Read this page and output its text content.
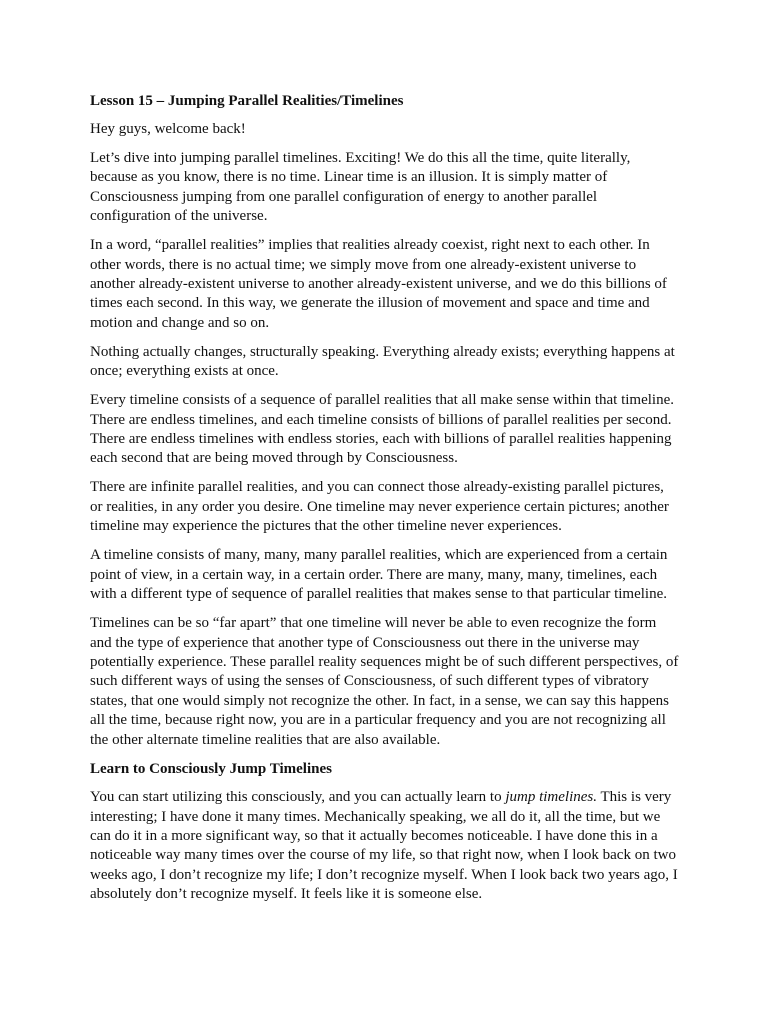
Lesson 15 – Jumping Parallel Realities/Timelines

Hey guys, welcome back!

Let’s dive into jumping parallel timelines. Exciting! We do this all the time, quite literally, because as you know, there is no time. Linear time is an illusion. It is simply matter of Consciousness jumping from one parallel configuration of energy to another parallel configuration of the universe.

In a word, “parallel realities” implies that realities already coexist, right next to each other. In other words, there is no actual time; we simply move from one already-existent universe to another already-existent universe to another already-existent universe, and we do this billions of times each second. In this way, we generate the illusion of movement and space and time and motion and change and so on.

Nothing actually changes, structurally speaking. Everything already exists; everything happens at once; everything exists at once.

Every timeline consists of a sequence of parallel realities that all make sense within that timeline. There are endless timelines, and each timeline consists of billions of parallel realities per second. There are endless timelines with endless stories, each with billions of parallel realities happening each second that are being moved through by Consciousness.

There are infinite parallel realities, and you can connect those already-existing parallel pictures, or realities, in any order you desire. One timeline may never experience certain pictures; another timeline may experience the pictures that the other timeline never experiences.

A timeline consists of many, many, many parallel realities, which are experienced from a certain point of view, in a certain way, in a certain order. There are many, many, many, timelines, each with a different type of sequence of parallel realities that makes sense to that particular timeline.

Timelines can be so “far apart” that one timeline will never be able to even recognize the form and the type of experience that another type of Consciousness out there in the universe may potentially experience. These parallel reality sequences might be of such different perspectives, of such different ways of using the senses of Consciousness, of such different types of vibratory states, that one would simply not recognize the other. In fact, in a sense, we can say this happens all the time, because right now, you are in a particular frequency and you are not recognizing all the other alternate timeline realities that are also available.

Learn to Consciously Jump Timelines

You can start utilizing this consciously, and you can actually learn to jump timelines. This is very interesting; I have done it many times. Mechanically speaking, we all do it, all the time, but we can do it in a more significant way, so that it actually becomes noticeable. I have done this in a noticeable way many times over the course of my life, so that right now, when I look back on two weeks ago, I don’t recognize my life; I don’t recognize myself. When I look back two years ago, I absolutely don’t recognize myself. It feels like it is someone else.
